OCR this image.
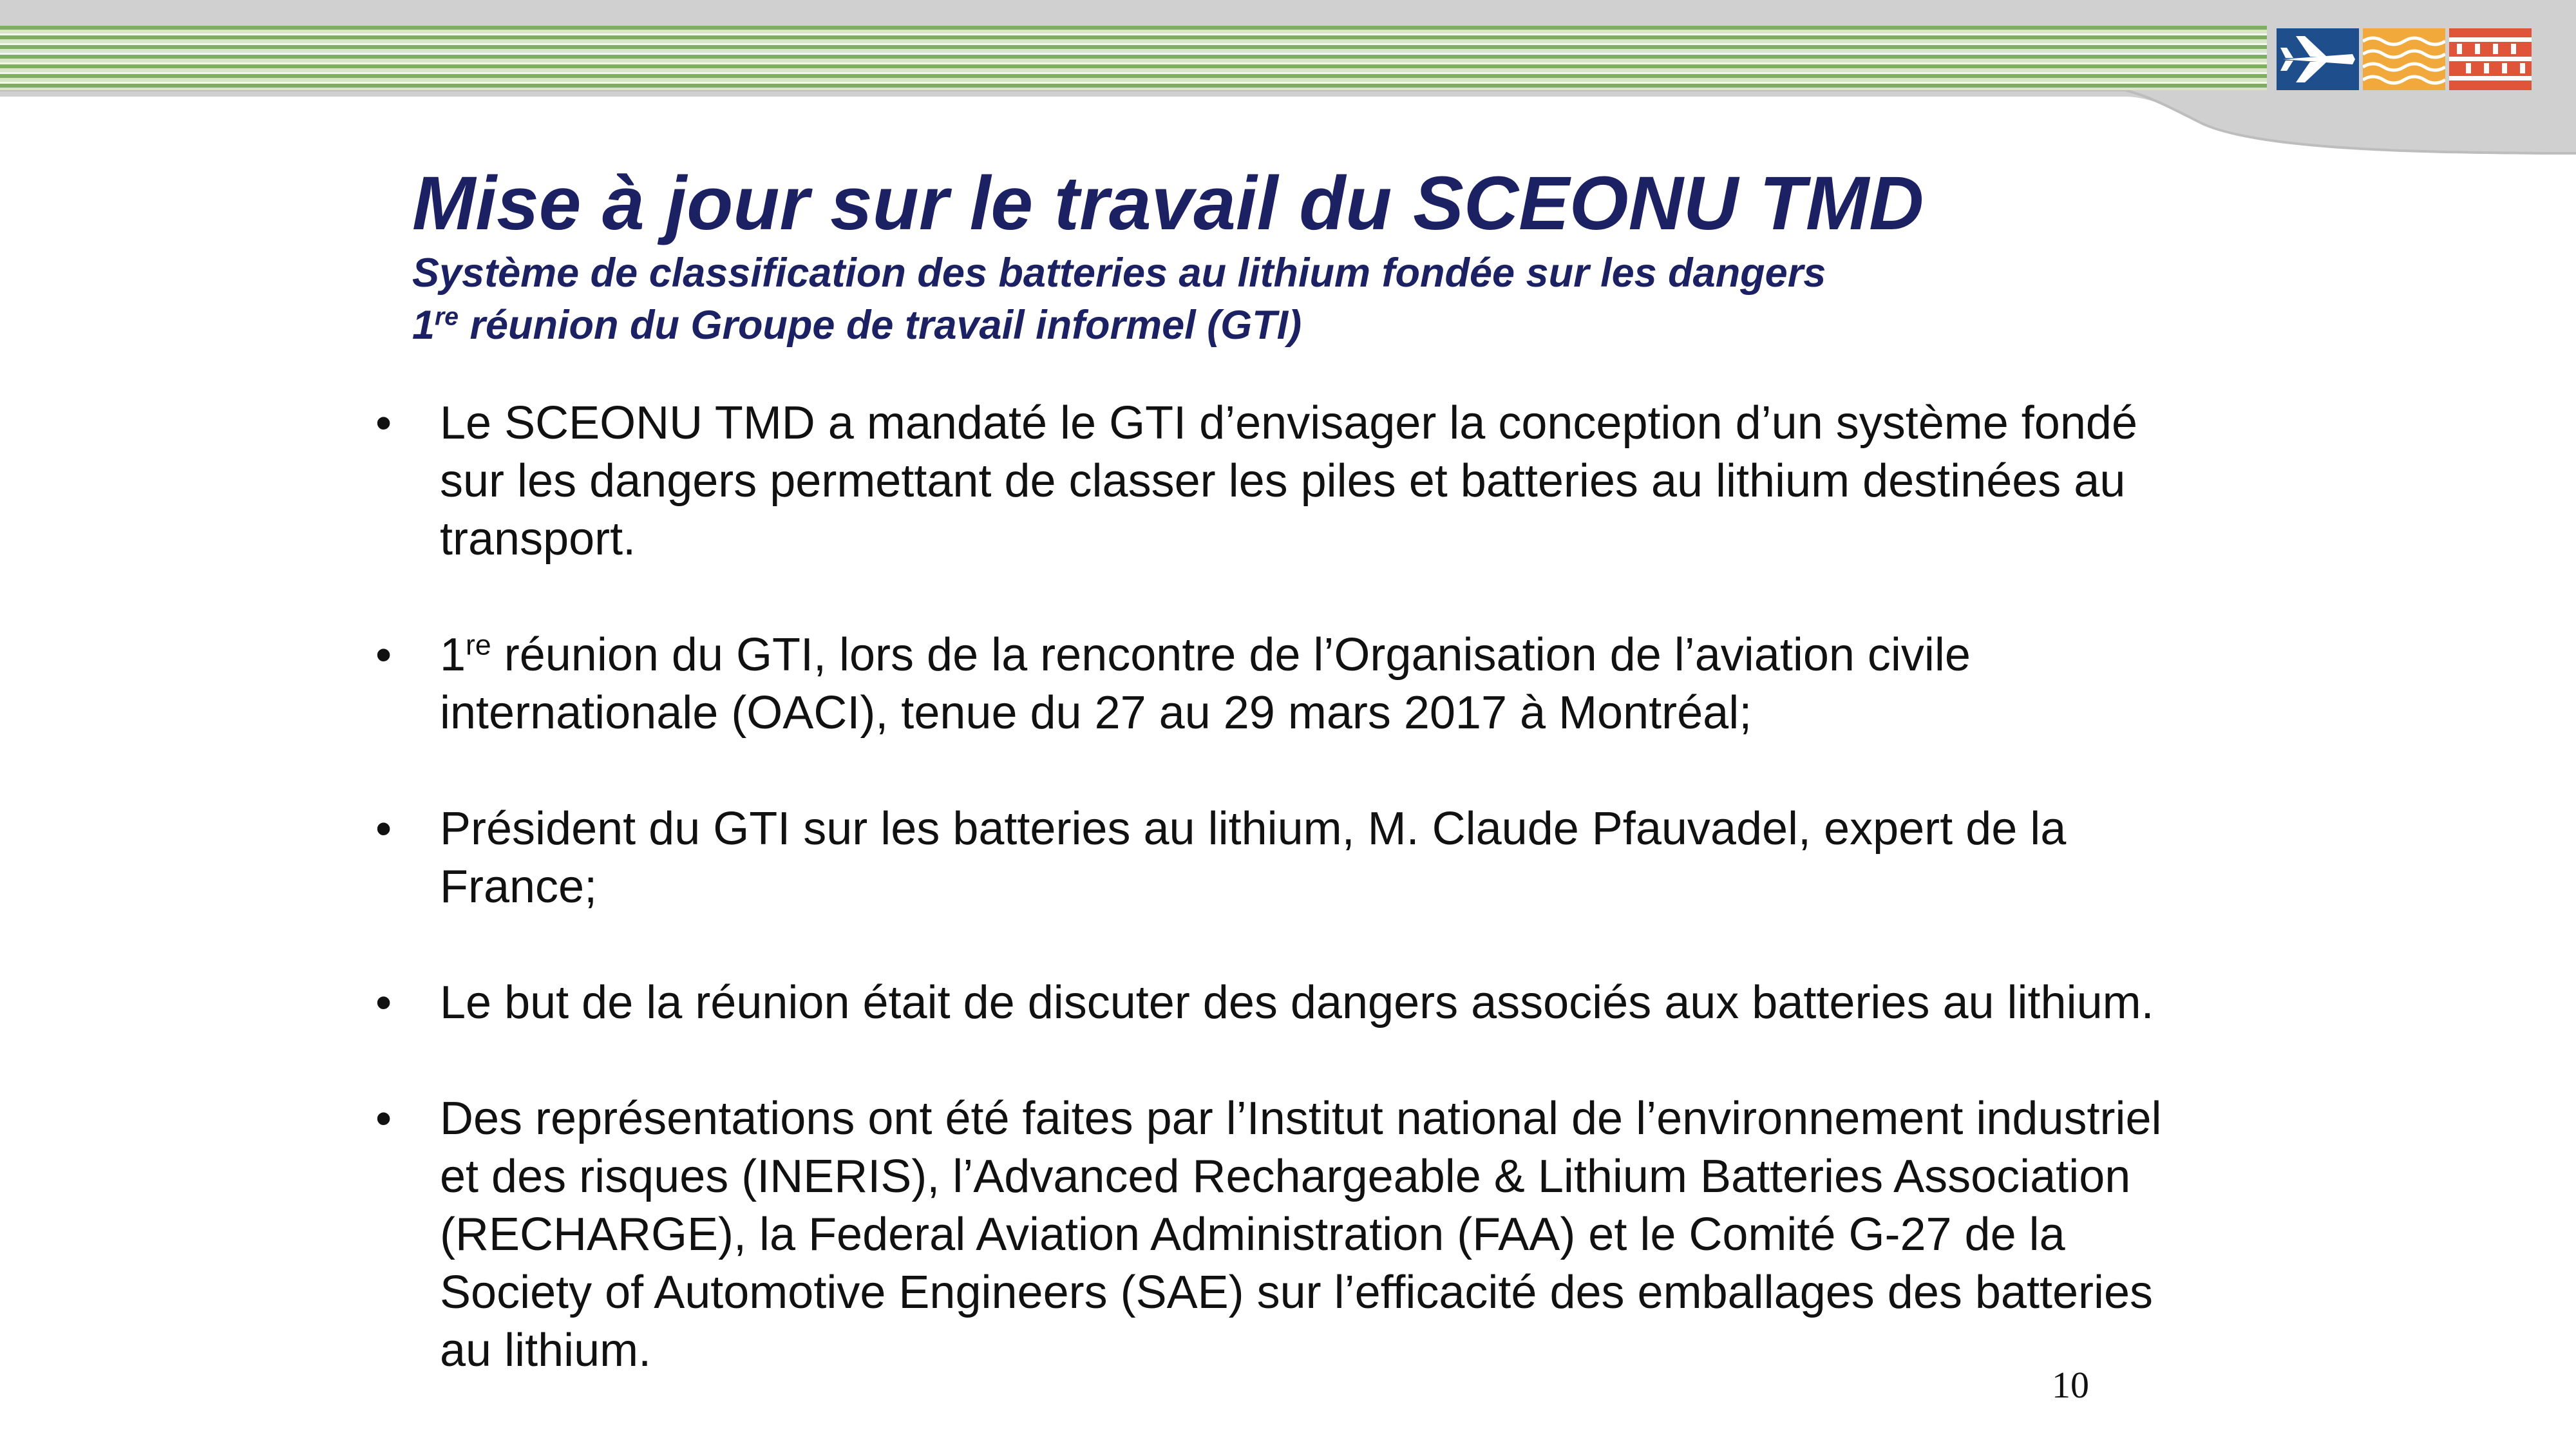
Mise à jour sur le travail du SCEONU TMD

Système de classification des batteries au lithium fondée sur les dangers

1re réunion du Groupe de travail informel (GTI)

• Le SCEONU TMD a mandaté le GTI d’envisager la conception d’un système fondé sur les dangers permettant de classer les piles et batteries au lithium destinées au transport.
• 1re réunion du GTI, lors de la rencontre de l’Organisation de l’aviation civile internationale (OACI), tenue du 27 au 29 mars 2017 à Montréal;
• Président du GTI sur les batteries au lithium, M. Claude Pfauvadel, expert de la France;
• Le but de la réunion était de discuter des dangers associés aux batteries au lithium.
• Des représentations ont été faites par l’Institut national de l’environnement industriel et des risques (INERIS), l’Advanced Rechargeable & Lithium Batteries Association (RECHARGE), la Federal Aviation Administration (FAA) et le Comité G-27 de la Society of Automotive Engineers (SAE) sur l’efficacité des emballages des batteries au lithium.

10
